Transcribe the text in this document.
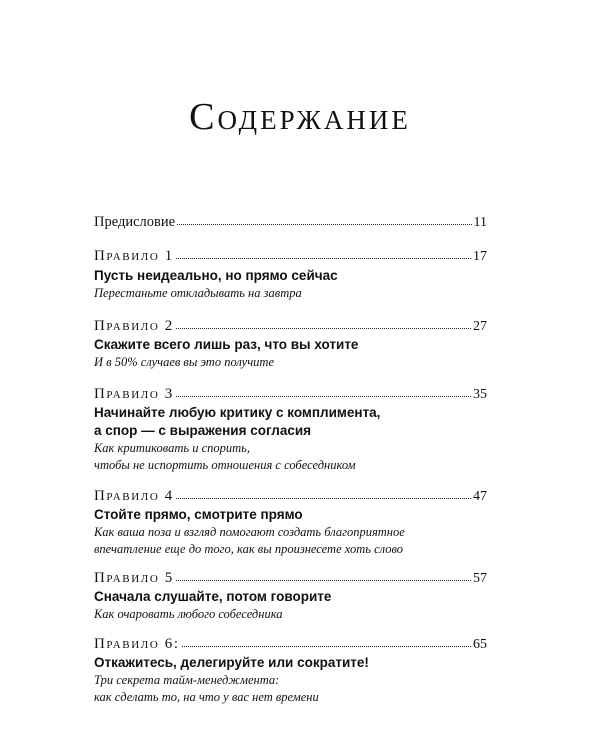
Содержание
Предисловие	11
Правило 1	17
Пусть неидеально, но прямо сейчас
Перестаньте откладывать на завтра
Правило 2	27
Скажите всего лишь раз, что вы хотите
И в 50% случаев вы это получите
Правило 3	35
Начинайте любую критику с комплимента,
а спор — с выражения согласия
Как критиковать и спорить,
чтобы не испортить отношения с собеседником
Правило 4	47
Стойте прямо, смотрите прямо
Как ваша поза и взгляд помогают создать благоприятное
впечатление еще до того, как вы произнесете хоть слово
Правило 5	57
Сначала слушайте, потом говорите
Как очаровать любого собеседника
Правило 6:	65
Откажитесь, делегируйте или сократите!
Три секрета тайм-менеджмента:
как сделать то, на что у вас нет времени
